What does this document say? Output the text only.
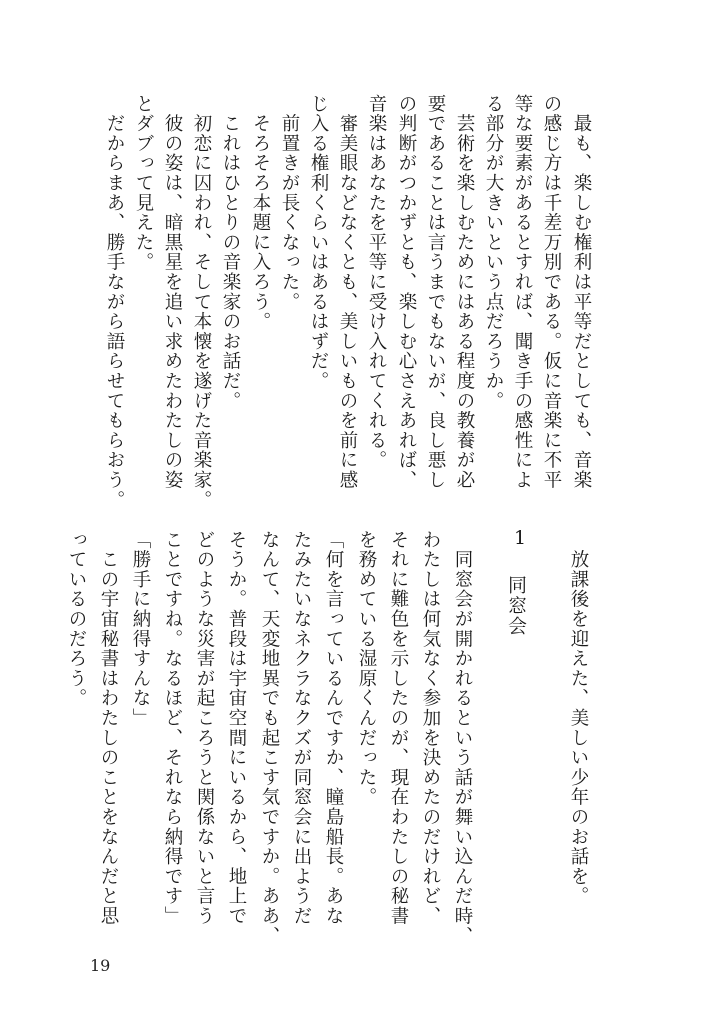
　最も、楽しむ権利は平等だとしても、音楽
の感じ方は千差万別である。仮に音楽に不平
等な要素があるとすれば、聞き手の感性によ
る部分が大きいという点だろうか。
　芸術を楽しむためにはある程度の教養が必
要であることは言うまでもないが、良し悪し
の判断がつかずとも、楽しむ心さえあれば、
音楽はあなたを平等に受け入れてくれる。
　審美眼などなくとも、美しいものを前に感
じ入る権利くらいはあるはずだ。
　前置きが長くなった。
　そろそろ本題に入ろう。
　これはひとりの音楽家のお話だ。
　初恋に囚われ、そして本懐を遂げた音楽家。
　彼の姿は、暗黒星を追い求めたわたしの姿
とダブって見えた。
　だからまあ、勝手ながら語らせてもらおう。
　放課後を迎えた、美しい少年のお話を。
1
同窓会
　同窓会が開かれるという話が舞い込んだ時、
わたしは何気なく参加を決めたのだけれど、
それに難色を示したのが、現在わたしの秘書
を務めている湿原くんだった。
「何を言っているんですか、瞳島船長。あな
たみたいなネクラなクズが同窓会に出ようだ
なんて、天変地異でも起こす気ですか。ああ、
そうか。普段は宇宙空間にいるから、地上で
どのような災害が起ころうと関係ないと言う
ことですね。なるほど、それなら納得です」
「勝手に納得すんな」
　この宇宙秘書はわたしのことをなんだと思
っているのだろう。
19
